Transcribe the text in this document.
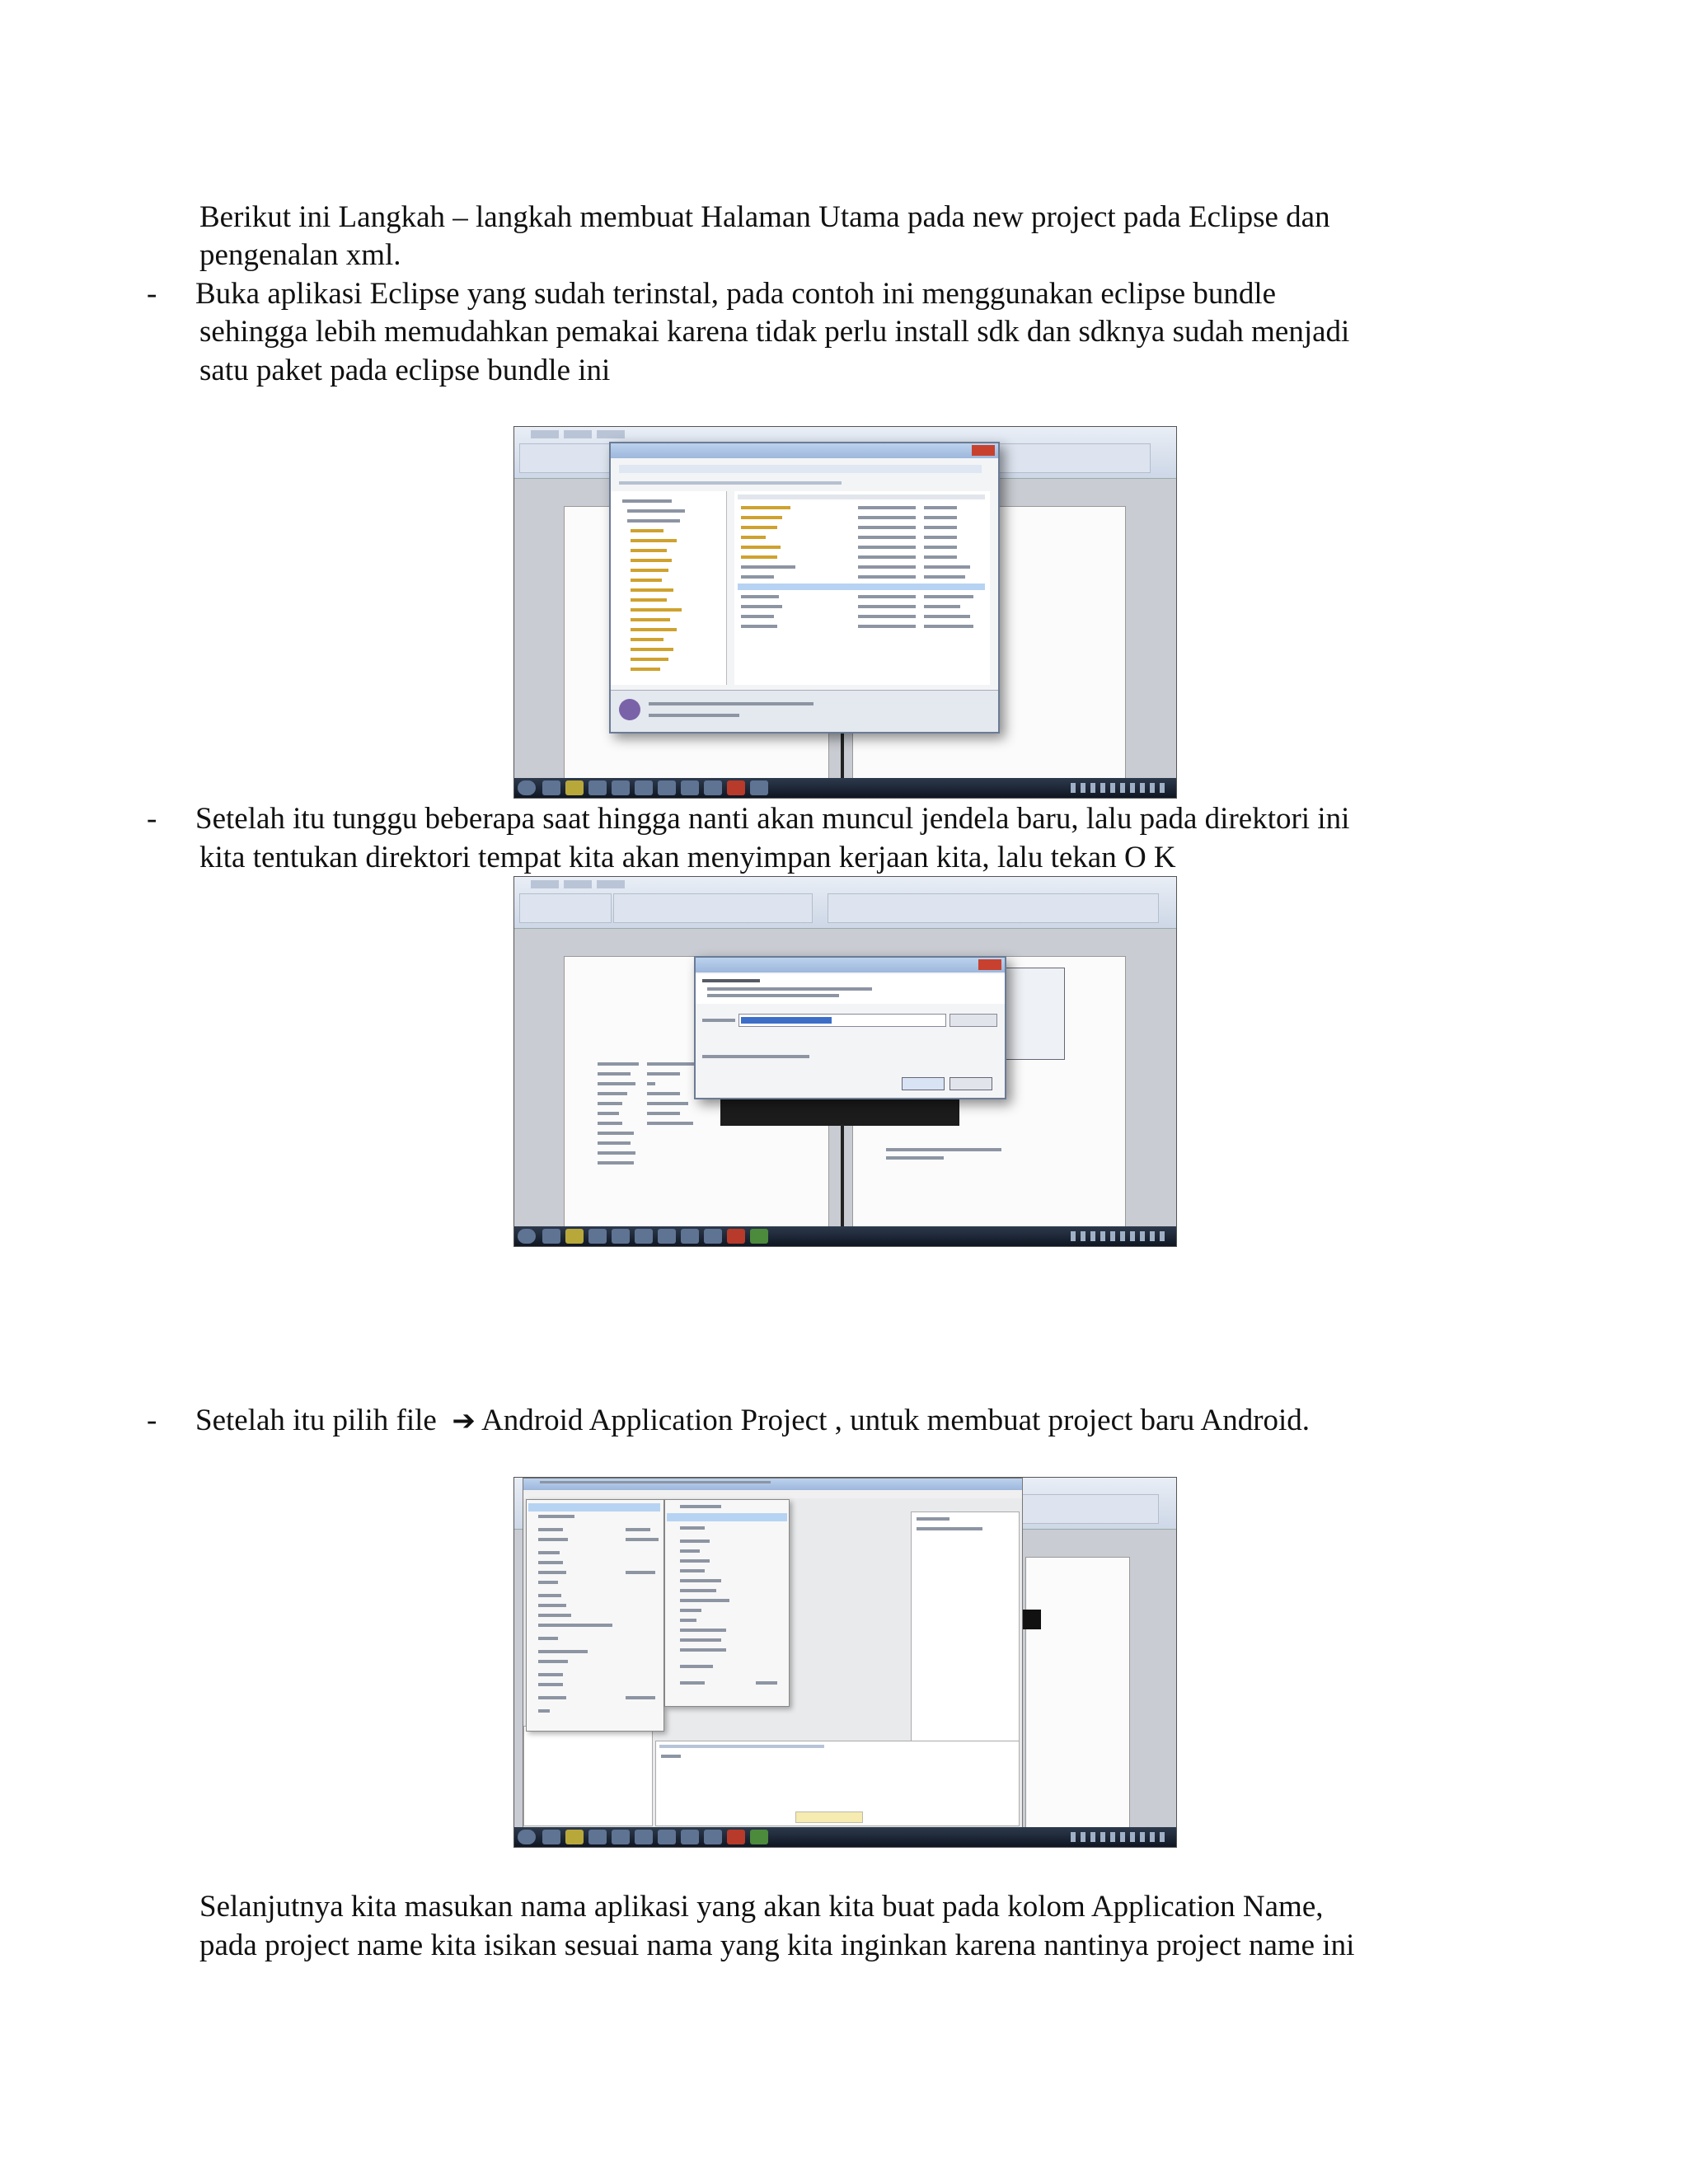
Berikut ini Langkah – langkah membuat Halaman Utama pada new project pada Eclipse dan

pengenalan xml.

- Buka aplikasi Eclipse yang sudah terinstal, pada contoh ini menggunakan eclipse bundle

sehingga lebih memudahkan pemakai karena tidak perlu install sdk dan sdknya sudah menjadi

satu paket pada eclipse bundle ini

- Setelah itu tunggu beberapa saat hingga nanti akan muncul jendela baru, lalu pada direktori ini

kita tentukan direktori tempat kita akan menyimpan kerjaan kita, lalu tekan O K

- Setelah itu pilih file ➔ Android Application Project , untuk membuat project baru Android.

Selanjutnya kita masukan nama aplikasi yang akan kita buat pada kolom Application Name,

pada project name kita isikan sesuai nama yang kita inginkan karena nantinya project name ini
